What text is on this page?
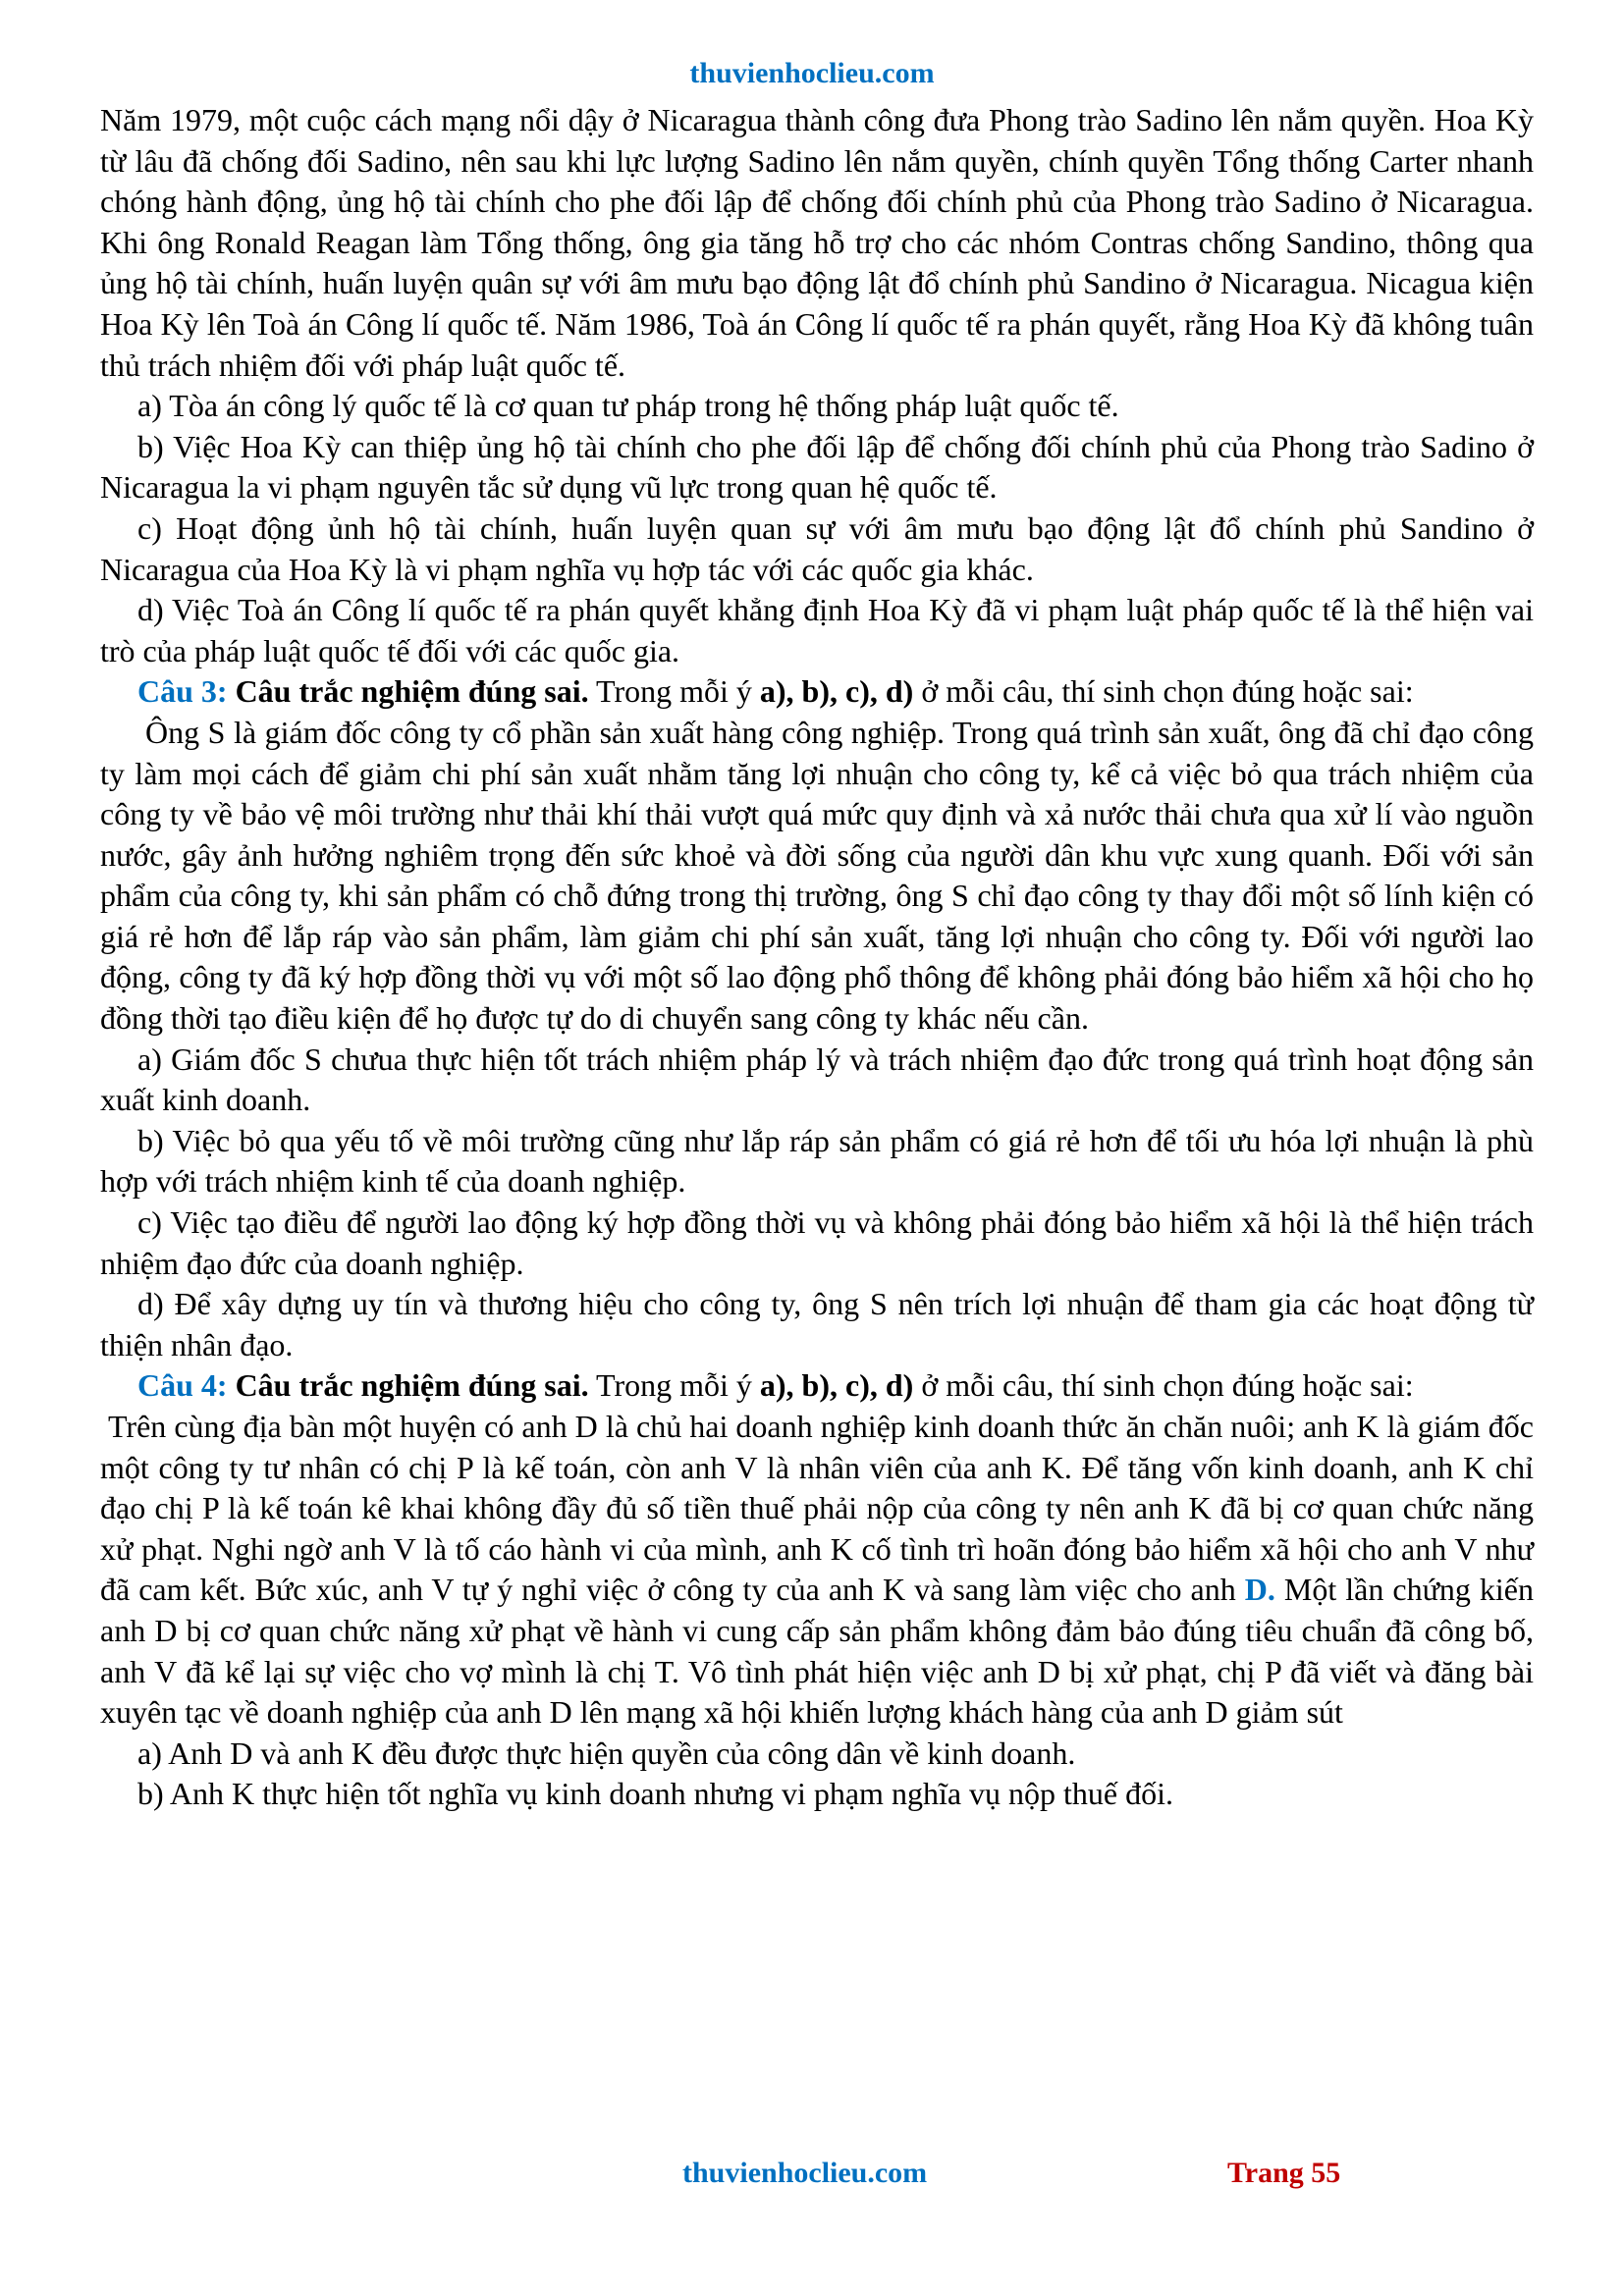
thuvienhoclieu.com

Năm 1979, một cuộc cách mạng nổi dậy ở Nicaragua thành công đưa Phong trào Sadino lên nắm quyền. Hoa Kỳ từ lâu đã chống đối Sadino, nên sau khi lực lượng Sadino lên nắm quyền, chính quyền Tổng thống Carter nhanh chóng hành động, ủng hộ tài chính cho phe đối lập để chống đối chính phủ của Phong trào Sadino ở Nicaragua. Khi ông Ronald Reagan làm Tổng thống, ông gia tăng hỗ trợ cho các nhóm Contras chống Sandino, thông qua ủng hộ tài chính, huấn luyện quân sự với âm mưu bạo động lật đổ chính phủ Sandino ở Nicaragua. Nicagua kiện Hoa Kỳ lên Toà án Công lí quốc tế. Năm 1986, Toà án Công lí quốc tế ra phán quyết, rằng Hoa Kỳ đã không tuân thủ trách nhiệm đối với pháp luật quốc tế.

a) Tòa án công lý quốc tế là cơ quan tư pháp trong hệ thống pháp luật quốc tế.

b) Việc Hoa Kỳ can thiệp ủng hộ tài chính cho phe đối lập để chống đối chính phủ của Phong trào Sadino ở Nicaragua la vi phạm nguyên tắc sử dụng vũ lực trong quan hệ quốc tế.

c) Hoạt động ủnh hộ tài chính, huấn luyện quan sự với âm mưu bạo động lật đổ chính phủ Sandino ở Nicaragua của Hoa Kỳ là vi phạm nghĩa vụ hợp tác với các quốc gia khác.

d) Việc Toà án Công lí quốc tế ra phán quyết khẳng định Hoa Kỳ đã vi phạm luật pháp quốc tế là thể hiện vai trò của pháp luật quốc tế đối với các quốc gia.

Câu 3: Câu trắc nghiệm đúng sai. Trong mỗi ý a), b), c), d) ở mỗi câu, thí sinh chọn đúng hoặc sai:

Ông S là giám đốc công ty cổ phần sản xuất hàng công nghiệp. Trong quá trình sản xuất, ông đã chỉ đạo công ty làm mọi cách để giảm chi phí sản xuất nhằm tăng lợi nhuận cho công ty, kể cả việc bỏ qua trách nhiệm của công ty về bảo vệ môi trường như thải khí thải vượt quá mức quy định và xả nước thải chưa qua xử lí vào nguồn nước, gây ảnh hưởng nghiêm trọng đến sức khoẻ và đời sống của người dân khu vực xung quanh. Đối với sản phẩm của công ty, khi sản phẩm có chỗ đứng trong thị trường, ông S chỉ đạo công ty thay đổi một số lính kiện có giá rẻ hơn để lắp ráp vào sản phẩm, làm giảm chi phí sản xuất, tăng lợi nhuận cho công ty. Đối với người lao động, công ty đã ký hợp đồng thời vụ với một số lao động phổ thông để không phải đóng bảo hiểm xã hội cho họ đồng thời tạo điều kiện để họ được tự do di chuyển sang công ty khác nếu cần.

a) Giám đốc S chưua thực hiện tốt trách nhiệm pháp lý và trách nhiệm đạo đức trong quá trình hoạt động sản xuất kinh doanh.

b) Việc bỏ qua yếu tố về môi trường cũng như lắp ráp sản phẩm có giá rẻ hơn để tối ưu hóa lợi nhuận là phù hợp với trách nhiệm kinh tế của doanh nghiệp.

c) Việc tạo điều để người lao động ký hợp đồng thời vụ và không phải đóng bảo hiểm xã hội là thể hiện trách nhiệm đạo đức của doanh nghiệp.

d) Để xây dựng uy tín và thương hiệu cho công ty, ông S nên trích lợi nhuận để tham gia các hoạt động từ thiện nhân đạo.

Câu 4: Câu trắc nghiệm đúng sai. Trong mỗi ý a), b), c), d) ở mỗi câu, thí sinh chọn đúng hoặc sai:

Trên cùng địa bàn một huyện có anh D là chủ hai doanh nghiệp kinh doanh thức ăn chăn nuôi; anh K là giám đốc một công ty tư nhân có chị P là kế toán, còn anh V là nhân viên của anh K. Để tăng vốn kinh doanh, anh K chỉ đạo chị P là kế toán kê khai không đầy đủ số tiền thuế phải nộp của công ty nên anh K đã bị cơ quan chức năng xử phạt. Nghi ngờ anh V là tố cáo hành vi của mình, anh K cố tình trì hoãn đóng bảo hiểm xã hội cho anh V như đã cam kết. Bức xúc, anh V tự ý nghỉ việc ở công ty của anh K và sang làm việc cho anh D. Một lần chứng kiến anh D bị cơ quan chức năng xử phạt về hành vi cung cấp sản phẩm không đảm bảo đúng tiêu chuẩn đã công bố, anh V đã kể lại sự việc cho vợ mình là chị T. Vô tình phát hiện việc anh D bị xử phạt, chị P đã viết và đăng bài xuyên tạc về doanh nghiệp của anh D lên mạng xã hội khiến lượng khách hàng của anh D giảm sút

a) Anh D và anh K đều được thực hiện quyền của công dân về kinh doanh.

b) Anh K thực hiện tốt nghĩa vụ kinh doanh nhưng vi phạm nghĩa vụ nộp thuế đối.

thuvienhoclieu.com	Trang 55
